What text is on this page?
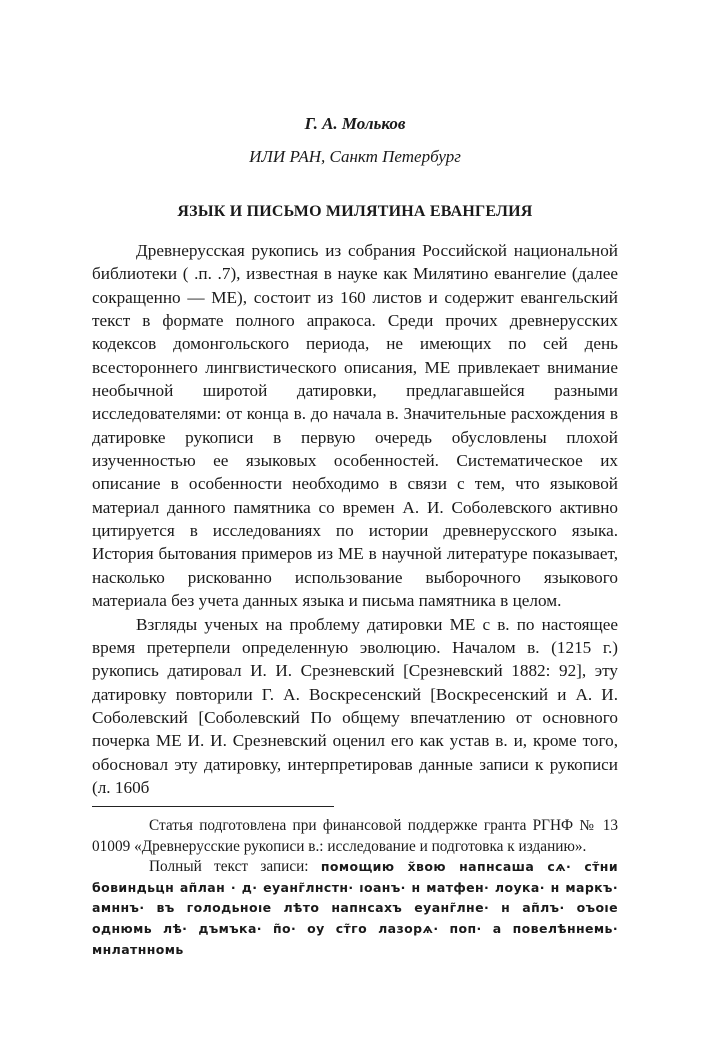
Г. А. Мольков
ИЛИ РАН, Санкт Петербург
ЯЗЫК И ПИСЬМО МИЛЯТИНА ЕВАНГЕЛИЯ

Древнерусская рукопись из собрания Российской национальной библиотеки ( .п. .7), известная в науке как Милятино евангелие (далее сокращенно — МЕ), состоит из 160 листов и содержит евангельский текст в формате полного апракоса. Среди прочих древнерусских кодексов домонгольского периода, не имеющих по сей день всестороннего лингвистического описания, МЕ привлекает внимание необычной широтой датировки, предлагавшейся разными исследователями: от конца в. до начала в. Значительные расхождения в датировке рукописи в первую очередь обусловлены плохой изученностью ее языковых особенностей. Систематическое их описание в особенности необходимо в связи с тем, что языковой материал данного памятника со времен А. И. Соболевского активно цитируется в исследованиях по истории древнерусского языка. История бытования примеров из МЕ в научной литературе показывает, насколько рискованно использование выборочного языкового материала без учета данных языка и письма памятника в целом.

Взгляды ученых на проблему датировки МЕ с в. по настоящее время претерпели определенную эволюцию. Началом в. (1215 г.) рукопись датировал И. И. Срезневский [Срезневский 1882: 92], эту датировку повторили Г. А. Воскресенский [Воскресенский и А. И. Соболевский [Соболевский По общему впечатлению от основного почерка МЕ И. И. Срезневский оценил его как устав в. и, кроме того, обосновал эту датировку, интерпретировав данные записи к рукописи (л. 160б

Статья подготовлена при финансовой поддержке гранта РГНФ № 13 01009 «Древнерусские рукописи в.: исследование и подготовка к изданию».

Полный текст записи: помощию х̃вою напнсаша сѧ· ст̃ни бовиндьцн ап̃лан · д· еуанг̃лнстн· ıоанъ· н матфен· лоука· н маркъ· амннъ· въ голодьноıе лѣто напнсахъ еуанг̃лне· н ап̃лъ· оъоıе однюмь лѣ· дъмъка· п̃о· оу ст̃го лазорѧ· поп· а повелѣннемь· мнлатнномь
